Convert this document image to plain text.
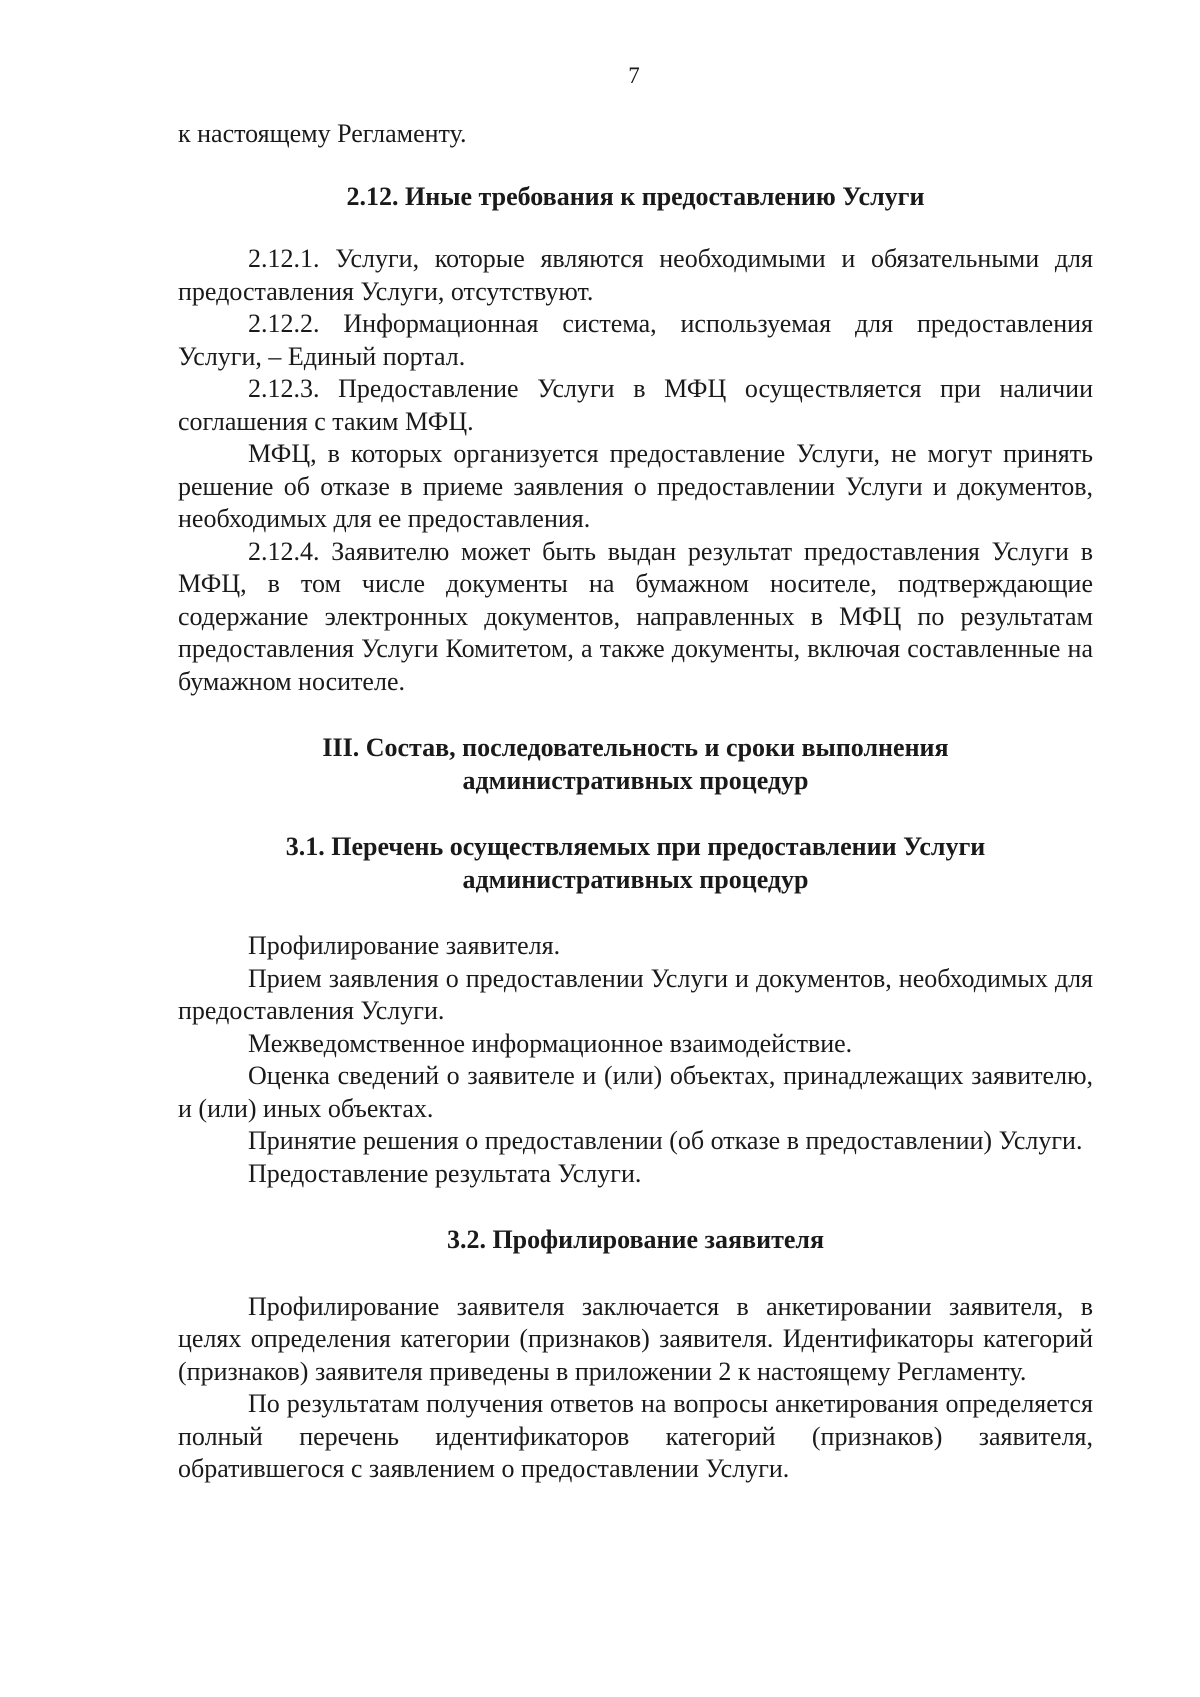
7

к настоящему Регламенту.

2.12. Иные требования к предоставлению Услуги

2.12.1. Услуги, которые являются необходимыми и обязательными для предоставления Услуги, отсутствуют.

2.12.2. Информационная система, используемая для предоставления Услуги, – Единый портал.

2.12.3. Предоставление Услуги в МФЦ осуществляется при наличии соглашения с таким МФЦ.

МФЦ, в которых организуется предоставление Услуги, не могут принять решение об отказе в приеме заявления о предоставлении Услуги и документов, необходимых для ее предоставления.

2.12.4. Заявителю может быть выдан результат предоставления Услуги в МФЦ, в том числе документы на бумажном носителе, подтверждающие содержание электронных документов, направленных в МФЦ по результатам предоставления Услуги Комитетом, а также документы, включая составленные на бумажном носителе.

III. Состав, последовательность и сроки выполнения
административных процедур
3.1. Перечень осуществляемых при предоставлении Услуги
административных процедур

Профилирование заявителя.

Прием заявления о предоставлении Услуги и документов, необходимых для предоставления Услуги.

Межведомственное информационное взаимодействие.

Оценка сведений о заявителе и (или) объектах, принадлежащих заявителю, и (или) иных объектах.

Принятие решения о предоставлении (об отказе в предоставлении) Услуги.

Предоставление результата Услуги.

3.2. Профилирование заявителя

Профилирование заявителя заключается в анкетировании заявителя, в целях определения категории (признаков) заявителя. Идентификаторы категорий (признаков) заявителя приведены в приложении 2 к настоящему Регламенту.

По результатам получения ответов на вопросы анкетирования определяется полный перечень идентификаторов категорий (признаков) заявителя, обратившегося с заявлением о предоставлении Услуги.
